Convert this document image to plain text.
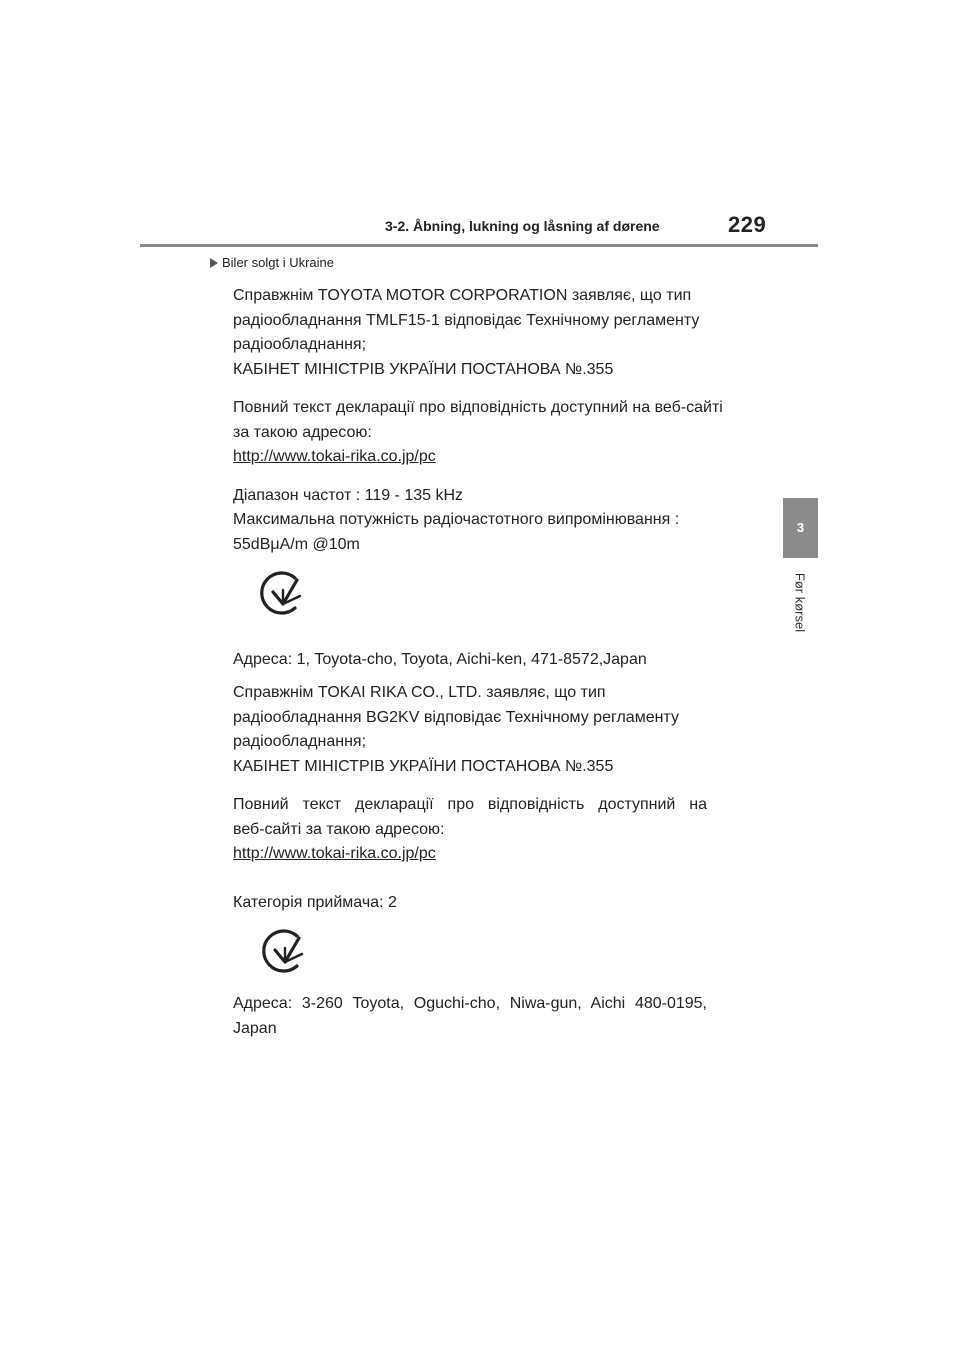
3-2. Åbning, lukning og låsning af dørene	229
3
Før kørsel
Biler solgt i Ukraine

Справжнім TOYOTA MOTOR CORPORATION заявляє, що тип

радіообладнання TMLF15-1 відповідає Технічному регламенту

радіообладнання;

КАБІНЕТ МІНІСТРІВ УКРАЇНИ ПОСТАНОВА №.355

Повний текст декларації про відповідність доступний на веб-сайті

за такою адресою:

http://www.tokai-rika.co.jp/pc

Діапазон частот : 119 - 135 kHz

Максимальна потужність радіочастотного випромінювання :

55dBμA/m @10m

Адреса: 1, Toyota-cho, Toyota, Aichi-ken, 471-8572,Japan

Справжнім TOKAI RIKA CO., LTD. заявляє, що тип

радіообладнання BG2KV відповідає Технічному регламенту

радіообладнання;

КАБІНЕТ МІНІСТРІВ УКРАЇНИ ПОСТАНОВА №.355

Повний текст декларації про відповідність доступний на

веб-сайті за такою адресою:

http://www.tokai-rika.co.jp/pc

Категорія приймача: 2

Адреса: 3-260 Toyota, Oguchi-cho, Niwa-gun, Aichi 480-0195,

Japan
